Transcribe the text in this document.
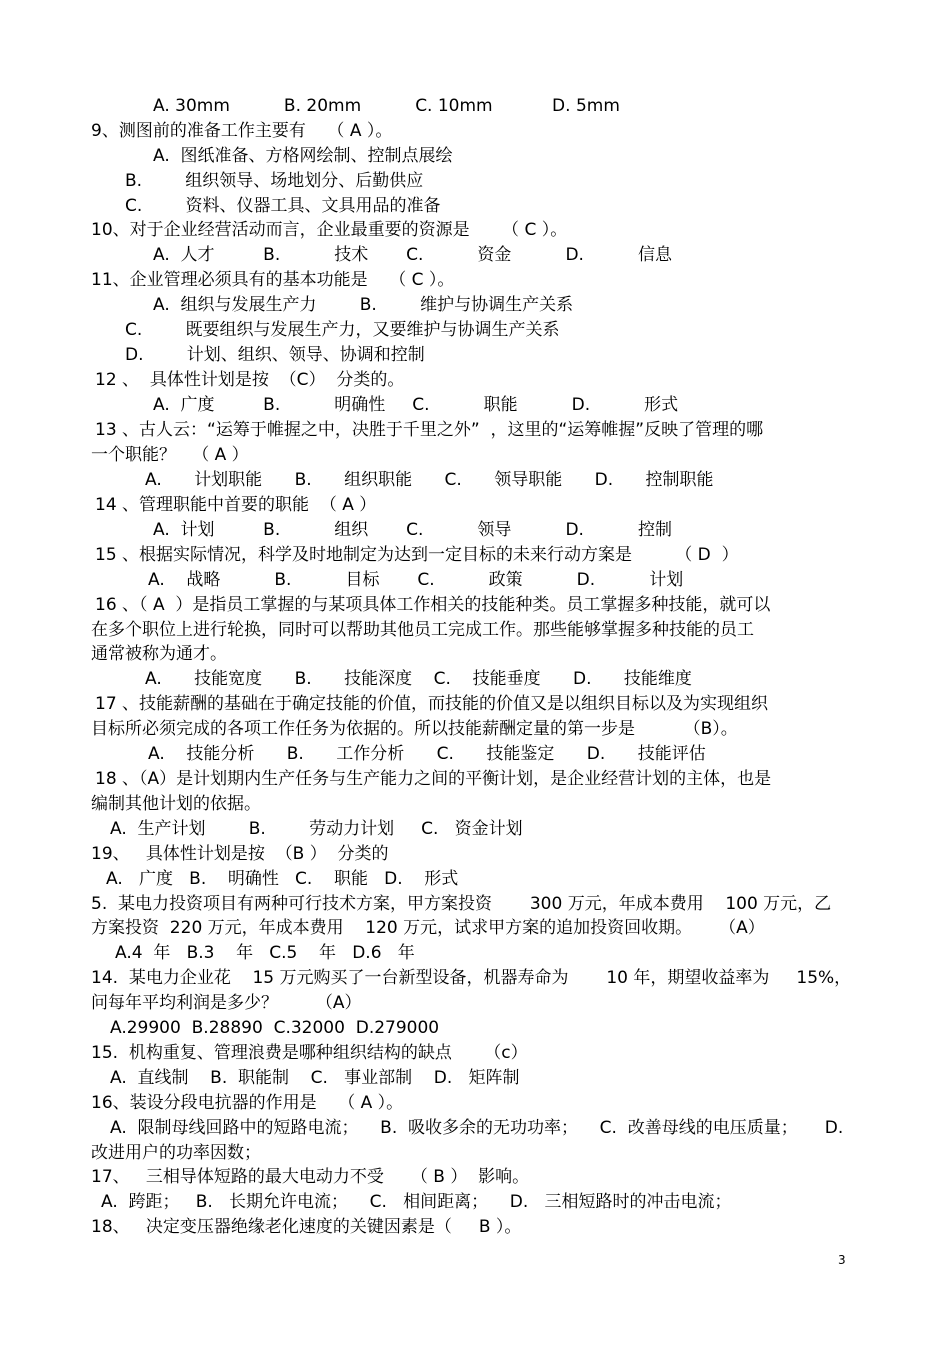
A. 30mm          B. 20mm          C. 10mm           D. 5mm
9、测图前的准备工作主要有    （ A ）。
A.  图纸准备、方格网绘制、控制点展绘
B.        组织领导、场地划分、后勤供应
C.        资料、仪器工具、文具用品的准备
10、对于企业经营活动而言，企业最重要的资源是      （ C ）。
A.  人才         B.          技术       C.          资金          D.          信息
11、企业管理必须具有的基本功能是    （ C ）。
A.  组织与发展生产力        B.        维护与协调生产关系
C.        既要组织与发展生产力，又要维护与协调生产关系
D.        计划、组织、领导、协调和控制
12 、  具体性计划是按  （C）  分类的。
A.  广度         B.          明确性     C.          职能          D.          形式
13 、古人云：“运筹于帷握之中，决胜于千里之外”  ，这里的“运筹帷握”反映了管理的哪
一个职能？   （ A ）
A.      计划职能      B.      组织职能      C.      领导职能      D.      控制职能
14 、管理职能中首要的职能  （ A ）
A.  计划         B.          组织       C.          领导          D.          控制
15 、根据实际情况，科学及时地制定为达到一定目标的未来行动方案是        （ D  ）
A.    战略          B.          目标       C.          政策          D.          计划
16 、（ A  ）是指员工掌握的与某项具体工作相关的技能种类。员工掌握多种技能，就可以
在多个职位上进行轮换，同时可以帮助其他员工完成工作。那些能够掌握多种技能的员工
通常被称为通才。
A.      技能宽度      B.      技能深度    C.    技能垂度      D.      技能维度
17 、技能薪酬的基础在于确定技能的价值，而技能的价值又是以组织目标以及为实现组织
目标所必须完成的各项工作任务为依据的。所以技能薪酬定量的第一步是         （B）。
A.    技能分析      B.      工作分析      C.      技能鉴定      D.      技能评估
18 、（A）是计划期内生产任务与生产能力之间的平衡计划，是企业经营计划的主体，也是
编制其他计划的依据。
A.  生产计划        B.        劳动力计划     C.   资金计划
19、   具体性计划是按  （B ）  分类的
A.   广度   B.    明确性   C.    职能   D.    形式
5.  某电力投资项目有两种可行技术方案，甲方案投资       300 万元，年成本费用    100 万元，乙
方案投资  220 万元，年成本费用    120 万元，试求甲方案的追加投资回收期。     （A）
A.4  年   B.3    年   C.5    年   D.6   年
14.  某电力企业花    15 万元购买了一台新型设备，机器寿命为       10 年，期望收益率为     15%，
问每年平均利润是多少？       （A）
A.29900  B.28890  C.32000  D.279000
15.  机构重复、管理浪费是哪种组织结构的缺点      （c）
A.  直线制    B.  职能制    C.   事业部制    D.   矩阵制
16、装设分段电抗器的作用是    （ A ）。
A.  限制母线回路中的短路电流；    B.  吸收多余的无功功率；    C.  改善母线的电压质量；     D.
改进用户的功率因数；
17、   三相导体短路的最大电动力不受     （ B ）  影响。
A.  跨距；   B.   长期允许电流；    C.   相间距离；    D.   三相短路时的冲击电流；
18、   决定变压器绝缘老化速度的关键因素是（     B ）。
3
